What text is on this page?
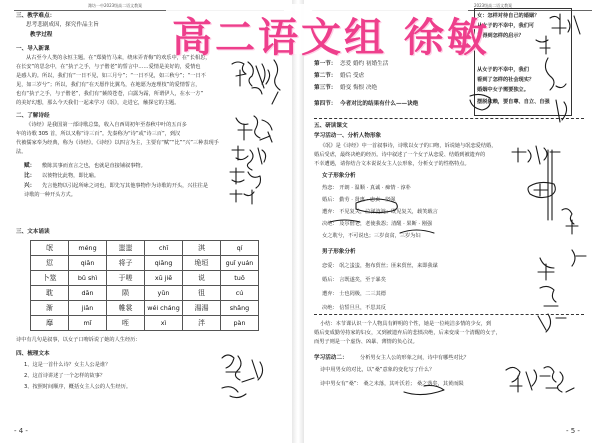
潍坊一中2023级高二语文教案
三、教学难点：
思考悲剧成因，探究作品主旨
教学过程
一、导入新课
从古至今人类的永恒主题。在“郑骑竹马来，绕床弄青梅”的欢乐中，在“长相思，
在长安”的思念中，在“执子之手，与子偕老”的誓言中……爱情是美好的，爱情也
是感人的。所以，我们有“一日不见，如三月兮”；“一日不见，如三秋兮”；“一日不
见，如三岁兮”；所以，我们有“在天愿作比翼鸟，在地愿为连理枝”的爱情誓言，
也有“执子之手，与子偕老”，我们有“蒹葭苍苍，白露为霜，所谓伊人，在水一方”
的美好幻想，那么今天我们一起来学习《氓》，走进它，触探它的主题。
二、了解诗经
《诗经》是我国第一部诗歌总集，收入自西周初年至春秋中叶的五百多
年的诗歌 305 首，所以又称“诗三百”。先秦称为“诗”或“诗三百”，到汉
代被儒家奉为经典，称为《诗经》。《诗经》以四言为主，主要有“赋”“比”“兴”三种表现手
法。
赋： 敷陈其事而直言之也，也就是直接铺叙事物。
比： 以彼物比此物，即比喻。
兴： 先言他物以引起所咏之词也，即先写其他事物作为诗歌的开头，兴往往是
诗歌的一种开头方式。
三、文本诵读
氓	méng	蚩蚩	chī	淇	qí
愆	qiān	将子	qiāng	垝垣	guǐ yuán
卜筮	bǔ shì	于嗟	xū jiē	说	tuō
耽	dān	陨	yǔn	徂	cú
渐	jiān	帷裳	wéi cháng	湯湯	shāng
靡	mǐ	咥	xì	泮	pàn
诗中有几句是叙事，以女子口吻诉说了她的人生经历：
四、梳理文本
1、这是一首什么诗？女主人公是谁？
2、这首诗讲述了一个怎样的故事？
3、按照时间顺序，概括女主人公的人生经历。
- 4 -
2023级高二语文教案
第一节： 恋爱 婚约 初婚生活
第二节： 婚后 受虐
第三节： 婚变 悔恨 决绝
第四节： 今者对比的结果有什么——诀绝
女：怎样对待自己的婚姻？
从女子的不幸中，我们可
以得到怎样的启示？
从女子的不幸中，我们
看到了怎样的社会现实？
婚姻中女子需要独立。
摆脱依赖，要自尊、自立、自强
五、研读课文
学习活动一、分析人物形象
《氓》是《诗经》中一首叙事诗，诗歌以女子的口吻，诉说她与氓恋爱结婚，
婚后受虐，最终决绝的经历。诗中叙述了一个女子从恋爱、结婚到被遗弃的
不幸遭遇，请你结合文本说说女主人公形象，分析女子的性格特点。
女子形象分析
热恋： 开朗 · 温顺 · 真诚 · 痴情 · 淳朴
婚后： 勤劳 · 贤惠 · 忠贞 · 坚强
遭弃： 不见复关，泣涕涟涟；既见复关，载笑载言
决绝： 及尔偕老，老使我怨；清醒 · 果断 · 刚强
女之耽兮，不可说也；三岁食贫，三岁为妇
男子形象分析
恋爱： 氓之蚩蚩，抱布贸丝；匪来贸丝，来即我谋
婚后： 言既遂矣，至于暴矣
遭弃： 士也罔极，二三其德
决绝： 信誓旦旦，不思其反
小结：本节课认识一个人物具有鲜明的个性，她是一位纯洁多情的少女，到
婚后变成勤劳持家的妇女，又到被遗弃后的悲愤决绝，后来变成一个清醒的女子，
而男子则是一个虚伪、凶暴、薄情的负心汉。
学习活动二： 分析男女主人公的形象之间，诗中有哪些对比？
诗中用男女的对比，以“桑”意象的变化写了什么？
诗中男女有“桑”： 桑之未落，其叶沃若； 桑之落矣，其黄而陨
- 5 -
高二语文组 徐敏
